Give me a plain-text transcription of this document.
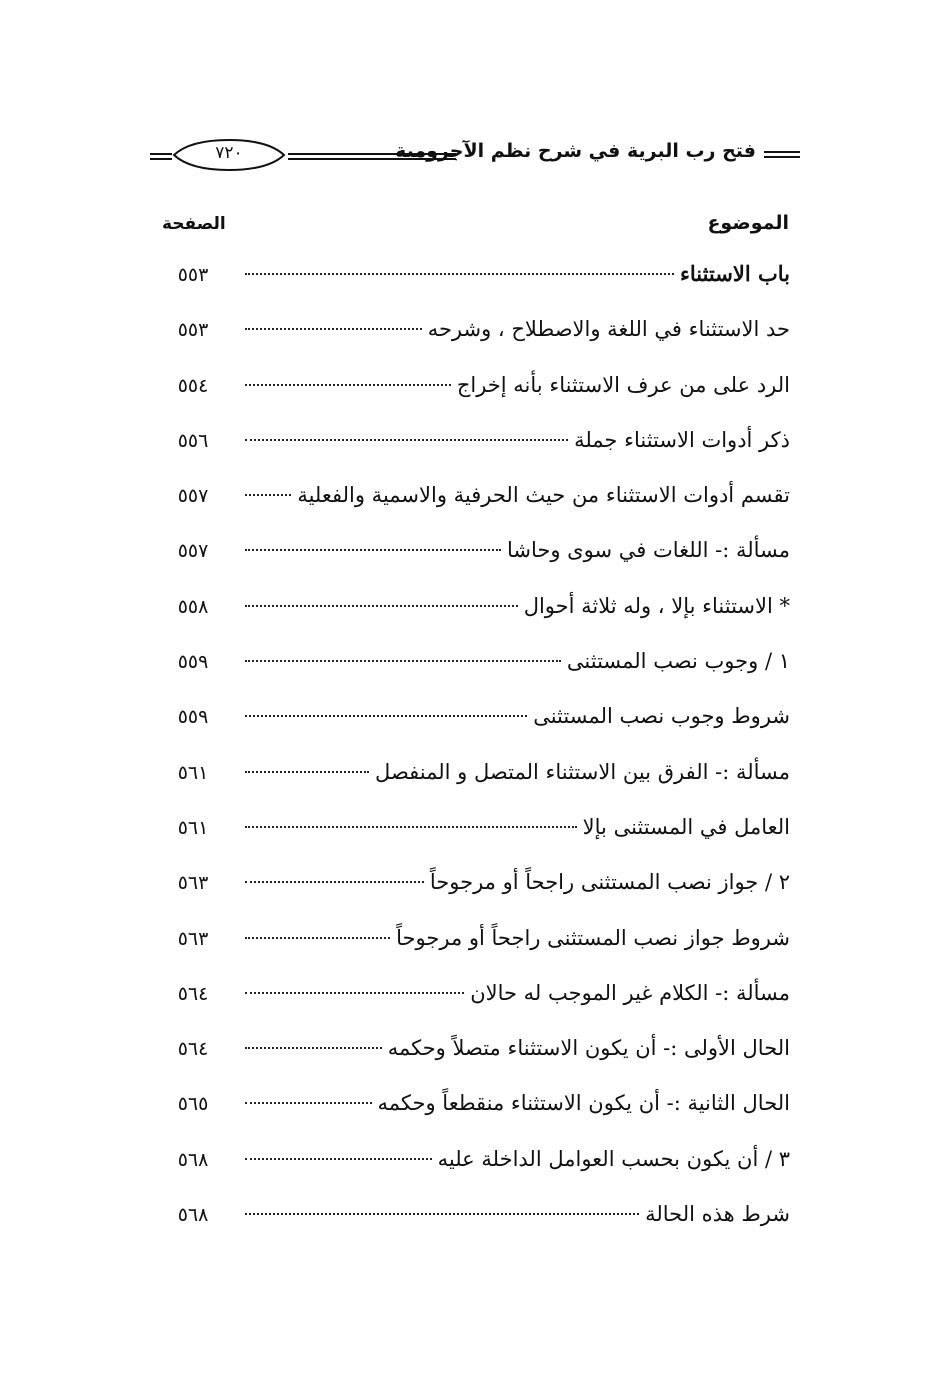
فتح رب البرية في شرح نظم الآجرومية
٧٢٠
الموضوع
الصفحة
باب الاستثناء
٥٥٣
حد الاستثناء في اللغة والاصطلاح ، وشرحه
٥٥٣
الرد على من عرف الاستثناء بأنه إخراج
٥٥٤
ذكر أدوات الاستثناء جملة
٥٥٦
تقسم أدوات الاستثناء من حيث الحرفية والاسمية والفعلية
٥٥٧
مسألة :- اللغات في سوى وحاشا
٥٥٧
* الاستثناء بإلا ، وله ثلاثة أحوال
٥٥٨
١ / وجوب نصب المستثنى
٥٥٩
شروط وجوب نصب المستثنى
٥٥٩
مسألة :- الفرق بين الاستثناء المتصل و المنفصل
٥٦١
العامل في المستثنى بإلا
٥٦١
٢ / جواز نصب المستثنى راجحاً أو مرجوحاً
٥٦٣
شروط جواز نصب المستثنى راجحاً أو مرجوحاً
٥٦٣
مسألة :- الكلام غير الموجب له حالان
٥٦٤
الحال الأولى :- أن يكون الاستثناء متصلاً وحكمه
٥٦٤
الحال الثانية :- أن يكون الاستثناء منقطعاً وحكمه
٥٦٥
٣ / أن يكون بحسب العوامل الداخلة عليه
٥٦٨
شرط هذه الحالة
٥٦٨
